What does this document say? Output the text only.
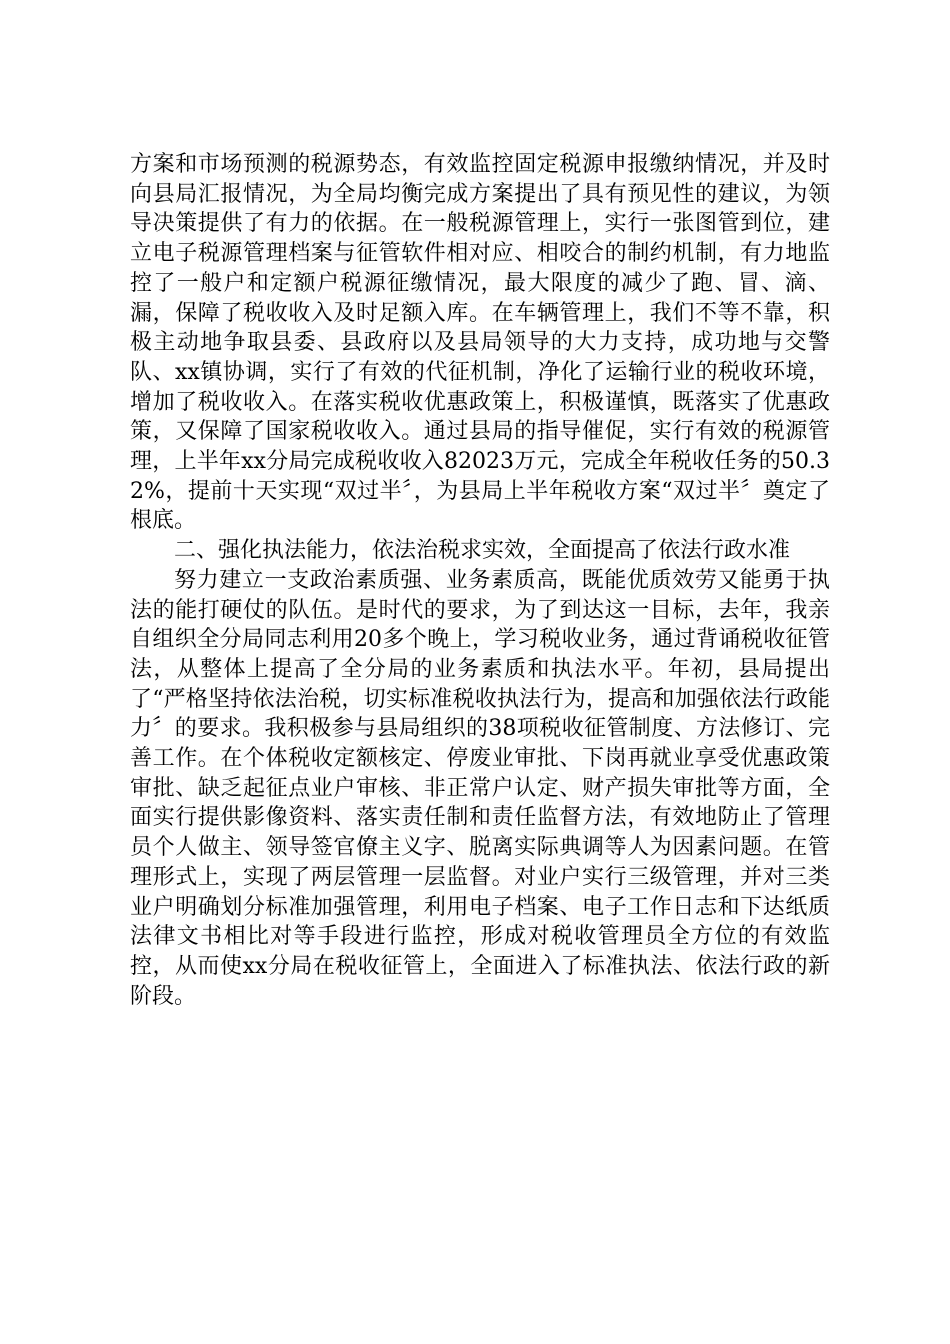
方案和市场预测的税源势态，有效监控固定税源申报缴纳情况，并及时向县局汇报情况，为全局均衡完成方案提出了具有预见性的建议，为领导决策提供了有力的依据。在一般税源管理上，实行一张图管到位，建立电子税源管理档案与征管软件相对应、相咬合的制约机制，有力地监控了一般户和定额户税源征缴情况，最大限度的减少了跑、冒、滴、漏，保障了税收收入及时足额入库。在车辆管理上，我们不等不靠，积极主动地争取县委、县政府以及县局领导的大力支持，成功地与交警队、xx镇协调，实行了有效的代征机制，净化了运输行业的税收环境，增加了税收收入。在落实税收优惠政策上，积极谨慎，既落实了优惠政策，又保障了国家税收收入。通过县局的指导催促，实行有效的税源管理，上半年xx分局完成税收收入82023万元，完成全年税收任务的50.32%，提前十天实现“双过半〞，为县局上半年税收方案“双过半〞奠定了根底。

二、强化执法能力，依法治税求实效，全面提高了依法行政水准

努力建立一支政治素质强、业务素质高，既能优质效劳又能勇于执法的能打硬仗的队伍。是时代的要求，为了到达这一目标，去年，我亲自组织全分局同志利用20多个晚上，学习税收业务，通过背诵税收征管法，从整体上提高了全分局的业务素质和执法水平。年初，县局提出了“严格坚持依法治税，切实标准税收执法行为，提高和加强依法行政能力〞的要求。我积极参与县局组织的38项税收征管制度、方法修订、完善工作。在个体税收定额核定、停废业审批、下岗再就业享受优惠政策审批、缺乏起征点业户审核、非正常户认定、财产损失审批等方面，全面实行提供影像资料、落实责任制和责任监督方法，有效地防止了管理员个人做主、领导签官僚主义字、脱离实际典调等人为因素问题。在管理形式上，实现了两层管理一层监督。对业户实行三级管理，并对三类业户明确划分标准加强管理，利用电子档案、电子工作日志和下达纸质法律文书相比对等手段进行监控，形成对税收管理员全方位的有效监控，从而使xx分局在税收征管上，全面进入了标准执法、依法行政的新阶段。
